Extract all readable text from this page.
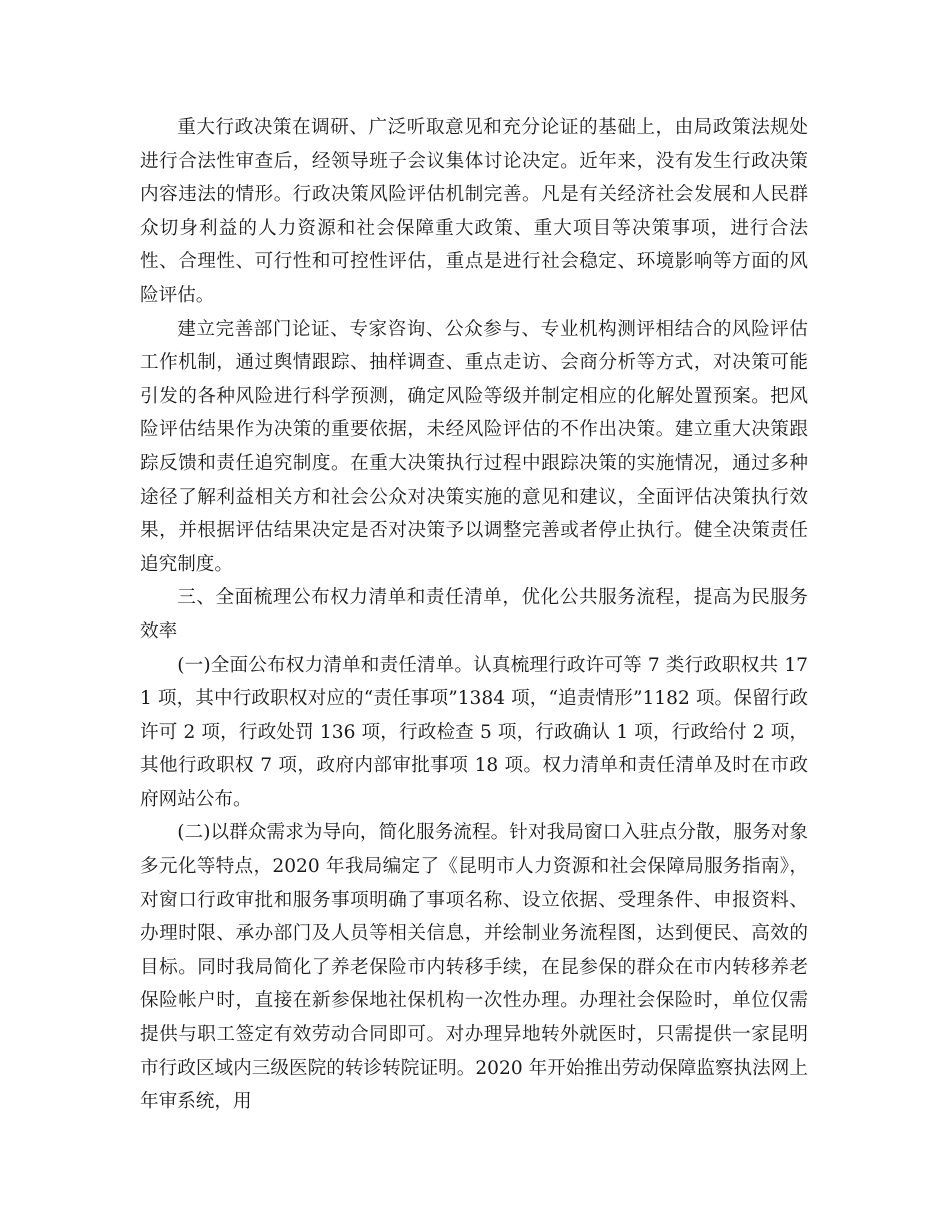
重大行政决策在调研、广泛听取意见和充分论证的基础上，由局政策法规处进行合法性审查后，经领导班子会议集体讨论决定。近年来，没有发生行政决策内容违法的情形。行政决策风险评估机制完善。凡是有关经济社会发展和人民群众切身利益的人力资源和社会保障重大政策、重大项目等决策事项，进行合法性、合理性、可行性和可控性评估，重点是进行社会稳定、环境影响等方面的风险评估。

建立完善部门论证、专家咨询、公众参与、专业机构测评相结合的风险评估工作机制，通过舆情跟踪、抽样调查、重点走访、会商分析等方式，对决策可能引发的各种风险进行科学预测，确定风险等级并制定相应的化解处置预案。把风险评估结果作为决策的重要依据，未经风险评估的不作出决策。建立重大决策跟踪反馈和责任追究制度。在重大决策执行过程中跟踪决策的实施情况，通过多种途径了解利益相关方和社会公众对决策实施的意见和建议，全面评估决策执行效果，并根据评估结果决定是否对决策予以调整完善或者停止执行。健全决策责任追究制度。

三、全面梳理公布权力清单和责任清单，优化公共服务流程，提高为民服务效率

(一)全面公布权力清单和责任清单。认真梳理行政许可等 7 类行政职权共 171 项，其中行政职权对应的“责任事项”1384 项，“追责情形”1182 项。保留行政许可 2 项，行政处罚 136 项，行政检查 5 项，行政确认 1 项，行政给付 2 项，其他行政职权 7 项，政府内部审批事项 18 项。权力清单和责任清单及时在市政府网站公布。

(二)以群众需求为导向，简化服务流程。针对我局窗口入驻点分散，服务对象多元化等特点，2020 年我局编定了《昆明市人力资源和社会保障局服务指南》，对窗口行政审批和服务事项明确了事项名称、设立依据、受理条件、申报资料、办理时限、承办部门及人员等相关信息，并绘制业务流程图，达到便民、高效的目标。同时我局简化了养老保险市内转移手续，在昆参保的群众在市内转移养老保险帐户时，直接在新参保地社保机构一次性办理。办理社会保险时，单位仅需提供与职工签定有效劳动合同即可。对办理异地转外就医时，只需提供一家昆明市行政区域内三级医院的转诊转院证明。2020 年开始推出劳动保障监察执法网上年审系统，用
